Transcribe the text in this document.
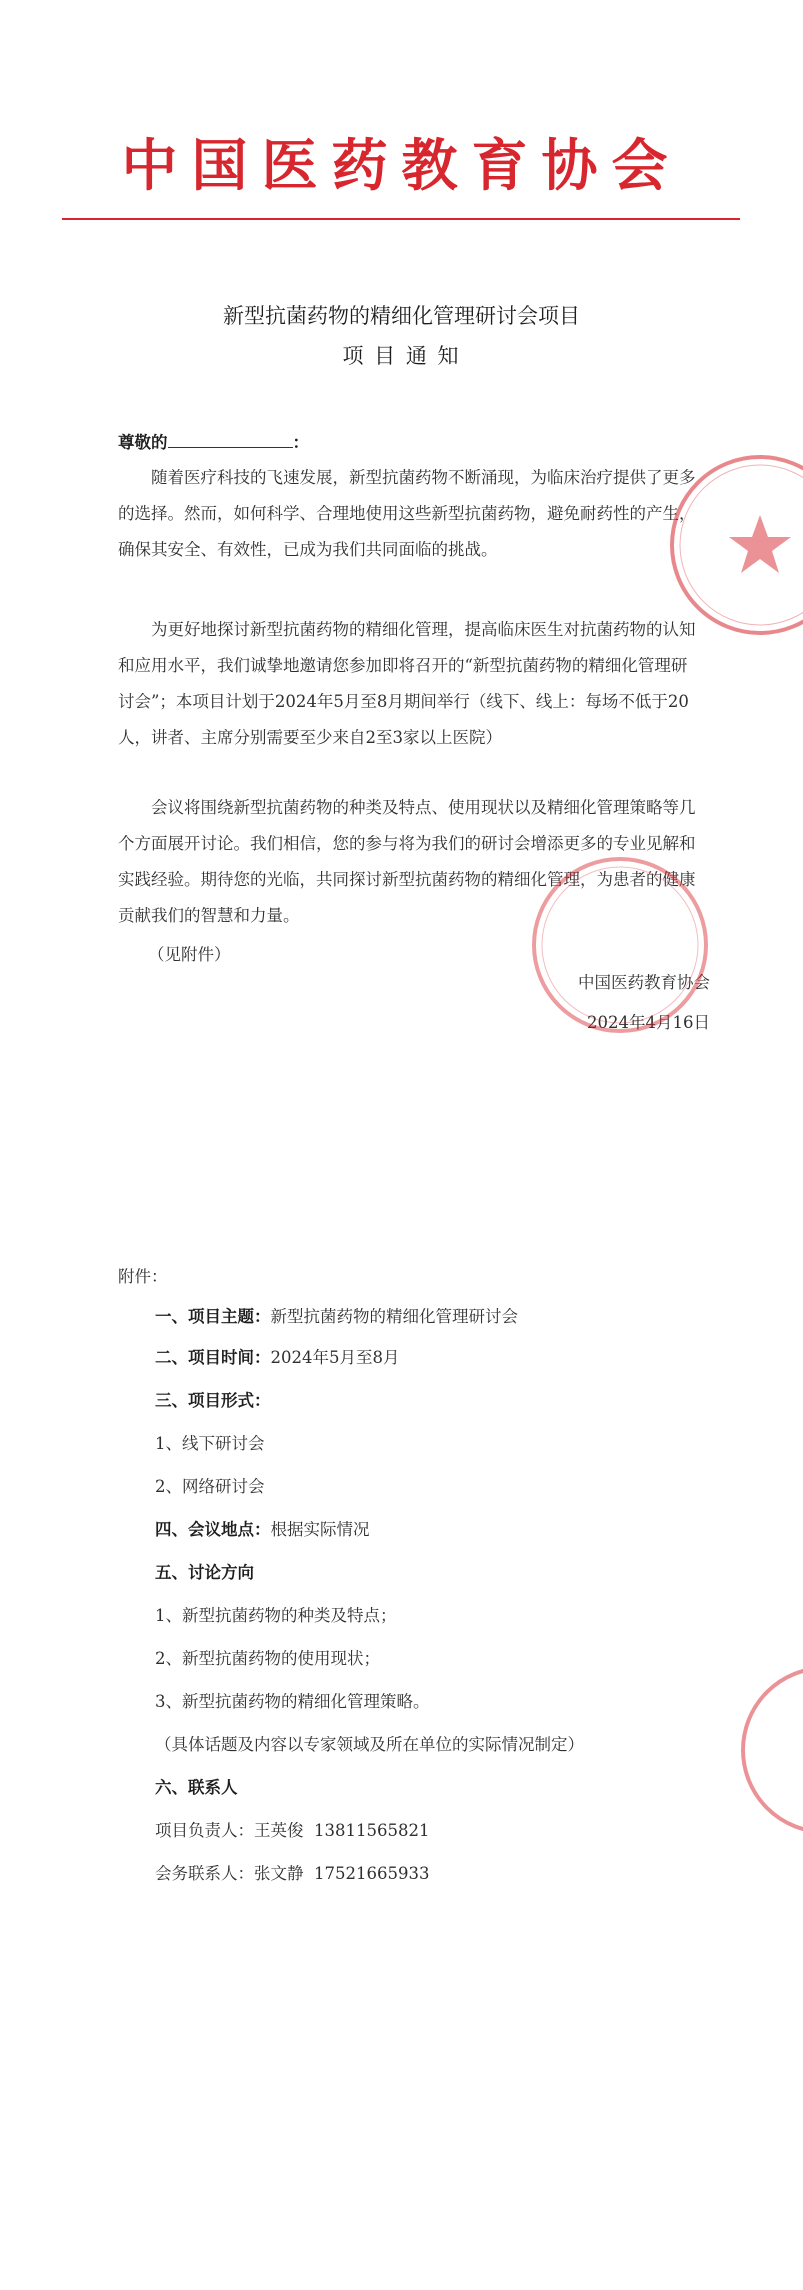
中国医药教育协会
新型抗菌药物的精细化管理研讨会项目
项 目 通 知
尊敬的	：
随着医疗科技的飞速发展，新型抗菌药物不断涌现，为临床治疗提供了更多的选择。然而，如何科学、合理地使用这些新型抗菌药物，避免耐药性的产生，确保其安全、有效性，已成为我们共同面临的挑战。
为更好地探讨新型抗菌药物的精细化管理，提高临床医生对抗菌药物的认知和应用水平，我们诚挚地邀请您参加即将召开的“新型抗菌药物的精细化管理研讨会”；本项目计划于2024年5月至8月期间举行（线下、线上：每场不低于20人，讲者、主席分别需要至少来自2至3家以上医院）
会议将围绕新型抗菌药物的种类及特点、使用现状以及精细化管理策略等几个方面展开讨论。我们相信，您的参与将为我们的研讨会增添更多的专业见解和实践经验。期待您的光临，共同探讨新型抗菌药物的精细化管理，为患者的健康贡献我们的智慧和力量。
（见附件）
中国医药教育协会
2024年4月16日
附件：
一、项目主题：新型抗菌药物的精细化管理研讨会
二、项目时间：2024年5月至8月
三、项目形式：
1、线下研讨会
2、网络研讨会
四、会议地点：根据实际情况
五、讨论方向
1、新型抗菌药物的种类及特点；
2、新型抗菌药物的使用现状；
3、新型抗菌药物的精细化管理策略。
（具体话题及内容以专家领域及所在单位的实际情况制定）
六、联系人
项目负责人：王英俊 13811565821
会务联系人：张文静 17521665933
